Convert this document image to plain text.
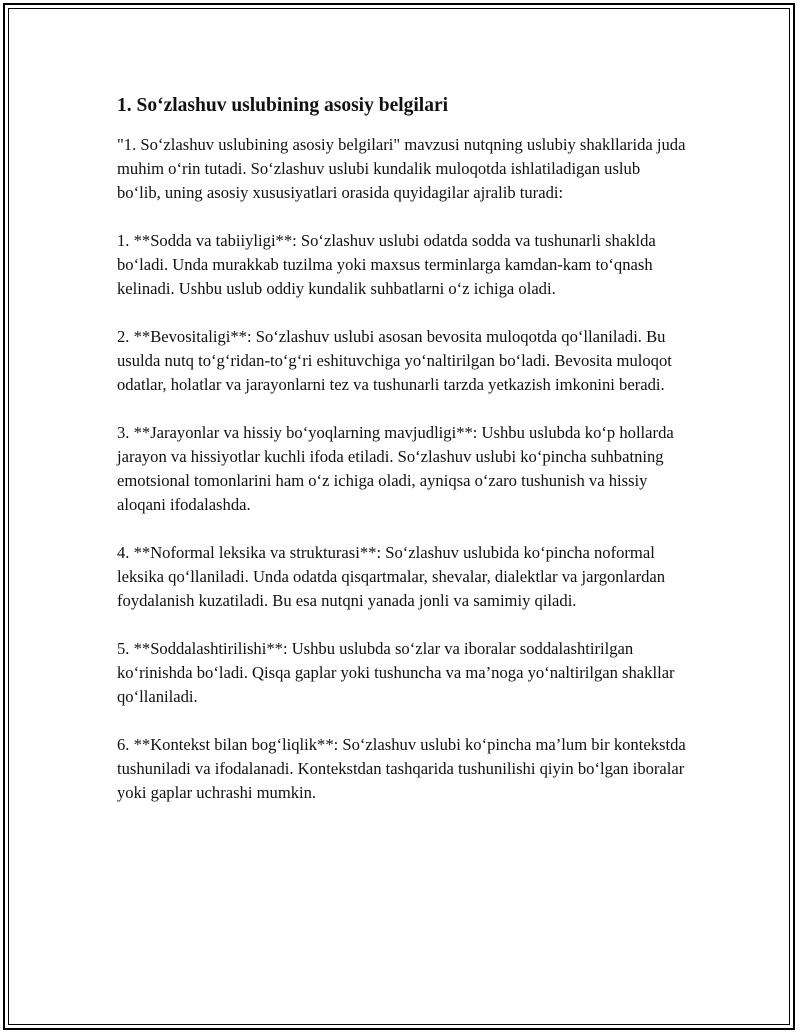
1. So‘zlashuv uslubining asosiy belgilari

"1. So‘zlashuv uslubining asosiy belgilari" mavzusi nutqning uslubiy shakllarida juda muhim o‘rin tutadi. So‘zlashuv uslubi kundalik muloqotda ishlatiladigan uslub bo‘lib, uning asosiy xususiyatlari orasida quyidagilar ajralib turadi:

1. **Sodda va tabiiyligi**: So‘zlashuv uslubi odatda sodda va tushunarli shaklda bo‘ladi. Unda murakkab tuzilma yoki maxsus terminlarga kamdan-kam to‘qnash kelinadi. Ushbu uslub oddiy kundalik suhbatlarni o‘z ichiga oladi.

2. **Bevositaligi**: So‘zlashuv uslubi asosan bevosita muloqotda qo‘llaniladi. Bu usulda nutq to‘g‘ridan-to‘g‘ri eshituvchiga yo‘naltirilgan bo‘ladi. Bevosita muloqot odatlar, holatlar va jarayonlarni tez va tushunarli tarzda yetkazish imkonini beradi.

3. **Jarayonlar va hissiy bo‘yoqlarning mavjudligi**: Ushbu uslubda ko‘p hollarda jarayon va hissiyotlar kuchli ifoda etiladi. So‘zlashuv uslubi ko‘pincha suhbatning emotsional tomonlarini ham o‘z ichiga oladi, ayniqsa o‘zaro tushunish va hissiy aloqani ifodalashda.

4. **Noformal leksika va strukturasi**: So‘zlashuv uslubida ko‘pincha noformal leksika qo‘llaniladi. Unda odatda qisqartmalar, shevalar, dialektlar va jargonlardan foydalanish kuzatiladi. Bu esa nutqni yanada jonli va samimiy qiladi.

5. **Soddalashtirilishi**: Ushbu uslubda so‘zlar va iboralar soddalashtirilgan ko‘rinishda bo‘ladi. Qisqa gaplar yoki tushuncha va ma’noga yo‘naltirilgan shakllar qo‘llaniladi.

6. **Kontekst bilan bog‘liqlik**: So‘zlashuv uslubi ko‘pincha ma’lum bir kontekstda tushuniladi va ifodalanadi. Kontekstdan tashqarida tushunilishi qiyin bo‘lgan iboralar yoki gaplar uchrashi mumkin.
